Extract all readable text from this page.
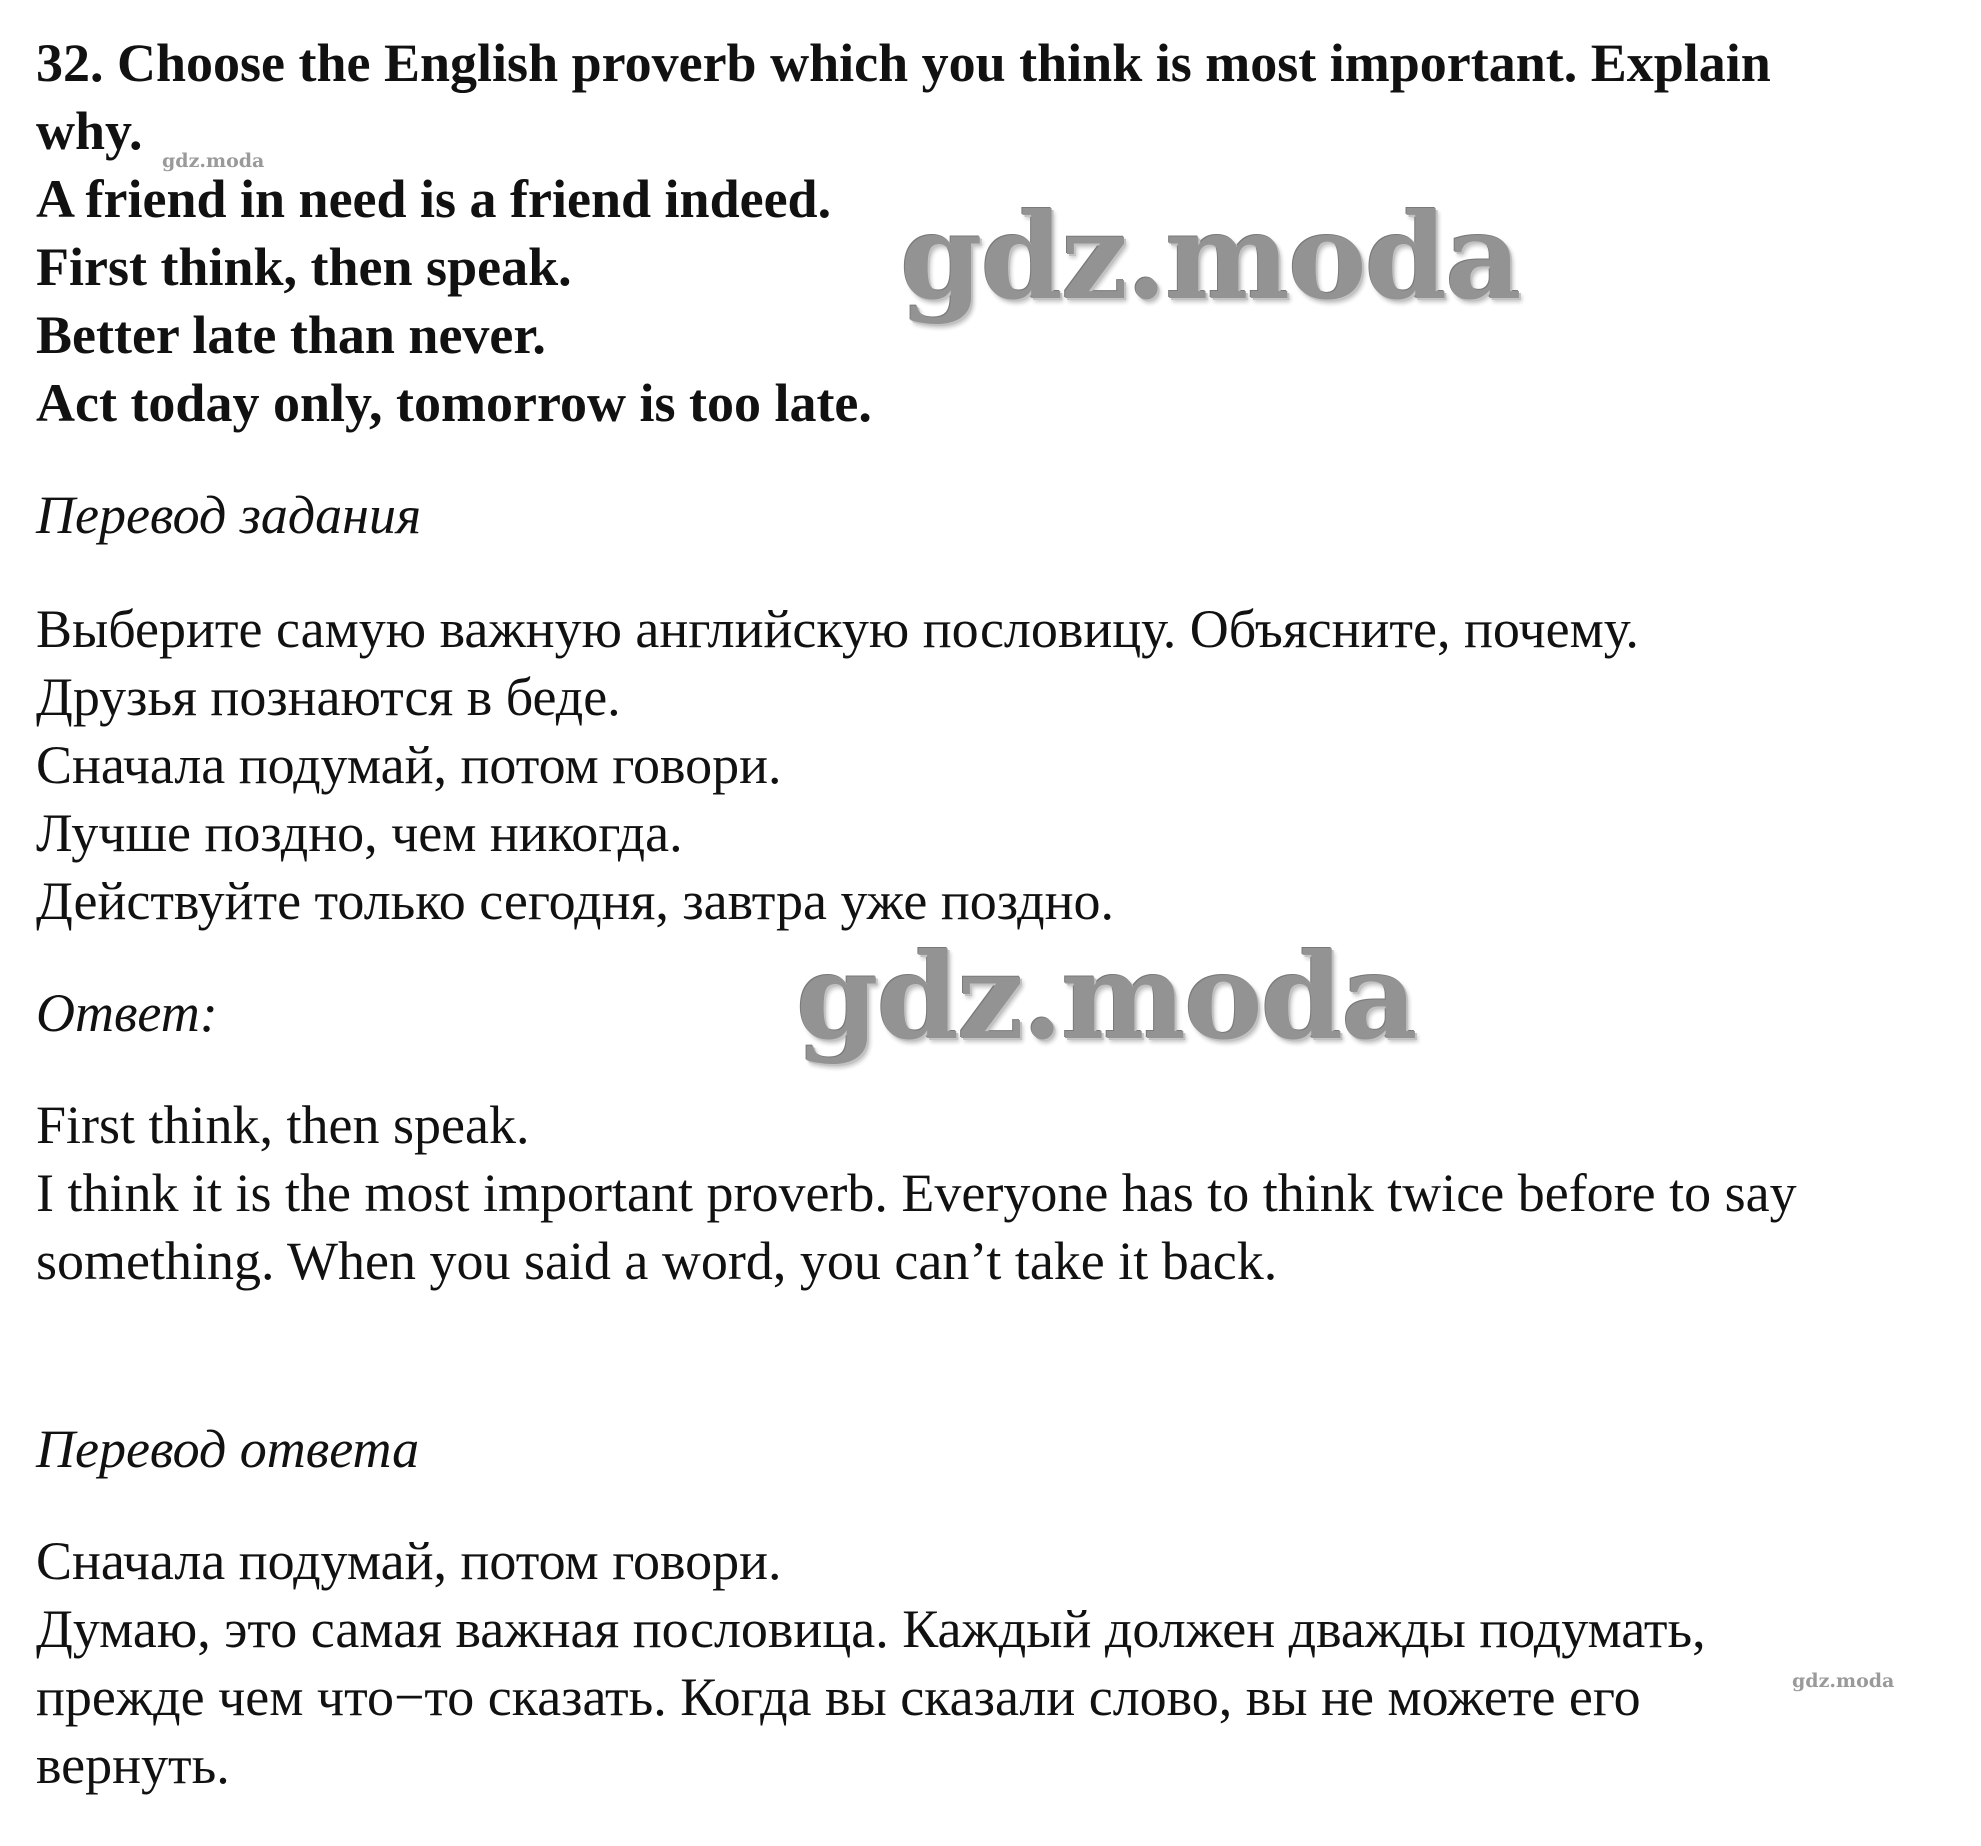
32. Choose the English proverb which you think is most important. Explain
why.
A friend in need is a friend indeed.
First think, then speak.
Better late than never.
Act today only, tomorrow is too late.
Перевод задания
Выберите самую важную английскую пословицу. Объясните, почему.
Друзья познаются в беде.
Сначала подумай, потом говори.
Лучше поздно, чем никогда.
Действуйте только сегодня, завтра уже поздно.
Ответ:
First think, then speak.
I think it is the most important proverb. Everyone has to think twice before to say
something. When you said a word, you can’t take it back.
Перевод ответа
Сначала подумай, потом говори.
Думаю, это самая важная пословица. Каждый должен дважды подумать,
прежде чем что−то сказать. Когда вы сказали слово, вы не можете его
вернуть.
gdz.moda
gdz.moda
gdz.moda
gdz.moda
